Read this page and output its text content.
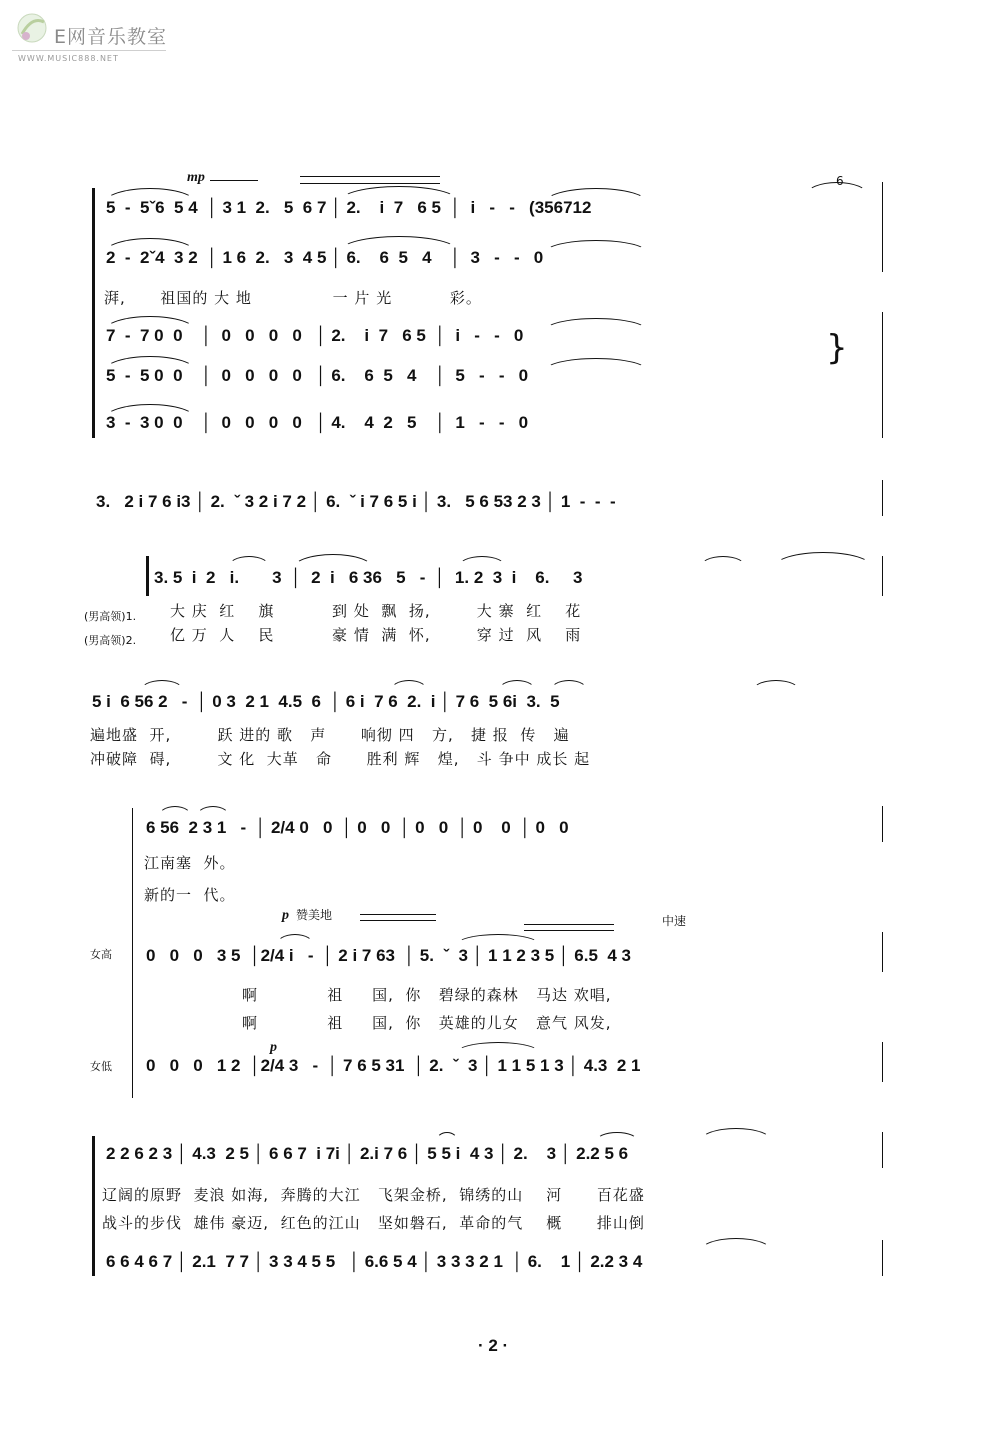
E网音乐教室
WWW.MUSIC888.NET
mp	6
5  -  5ˇ6  5 4  │ 3 1  2.   5  6 7 │ 2.    i  7   6 5  │  i   -   -   (356712
2  -  2ˇ4  3 2  │ 1 6  2.   3  4 5 │ 6.    6  5   4    │  3   -   -   0
湃,      祖国的 大 地              一 片 光          彩。
7  -  7 0  0    │  0   0   0   0   │ 2.    i  7   6 5  │  i   -   -   0
5  -  5 0  0    │  0   0   0   0   │ 6.    6  5   4    │  5   -   -   0
3  -  3 0  0    │  0   0   0   0   │ 4.    4  2   5    │  1   -   -   0
}
3.   2 i 7 6 i3 │ 2.  ˇ 3 2 i 7 2 │ 6.  ˇ i 7 6 5 i │ 3.   5 6 53 2 3 │ 1  -  -  -
3. 5  i  2   i.       3  │  2  i   6 36   5   -  │  1. 2  3  i    6.     3
(男高领)1. 大 庆  红    旗          到 处  飘  扬,        大 寨  红    花
(男高领)2. 亿 万  人    民          豪 情  满  怀,        穿 过  风    雨
5 i  6 56 2   -  │ 0 3  2 1  4.5  6  │ 6 i  7 6  2.  i │ 7 6  5 6i  3.  5
遍地盛  开,        跃 进的 歌   声      响彻 四   方,   捷 报  传   遍
冲破障  碍,        文 化  大革   命      胜利 辉   煌,   斗 争中 成长 起
6 56  2 3 1   -  │ 2/4 0   0  │ 0   0  │ 0   0  │ 0    0  │ 0   0
江南塞  外。
新的一  代。
p 赞美地	中速
女高 0   0   0   3 5  │2/4 i   -  │ 2 i 7 63  │ 5.  ˇ  3 │ 1 1 2 3 5 │ 6.5  4 3
啊            祖     国,  你   碧绿的森林   马达 欢唱,
啊            祖     国,  你   英雄的儿女   意气 风发,
p
女低 0   0   0   1 2  │2/4 3   -  │ 7 6 5 31  │ 2.  ˇ  3 │ 1 1 5 1 3 │ 4.3  2 1
2 2 6 2 3 │ 4.3  2 5 │ 6 6 7  i 7i │ 2.i 7 6 │ 5 5 i  4 3 │ 2.    3 │ 2.2 5 6
辽阔的原野  麦浪 如海,  奔腾的大江   飞架金桥,  锦绣的山    河      百花盛
战斗的步伐  雄伟 豪迈,  红色的江山   坚如磐石,  革命的气    概      排山倒
6 6 4 6 7 │ 2.1  7 7 │ 3 3 4 5 5   │ 6.6 5 4 │ 3 3 3 2 1  │ 6.    1 │ 2.2 3 4
· 2 ·
